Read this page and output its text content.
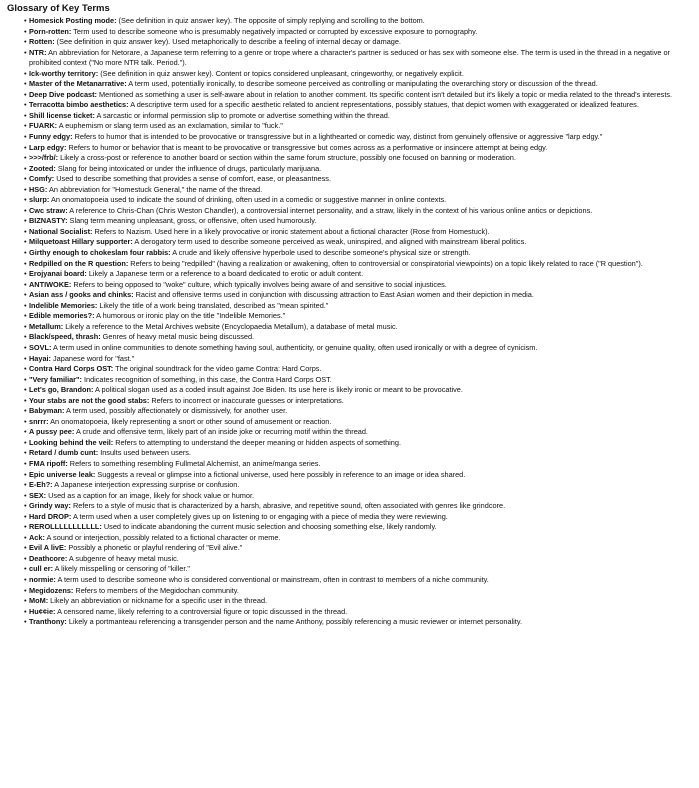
Glossary of Key Terms
• Homesick Posting mode: (See definition in quiz answer key). The opposite of simply replying and scrolling to the bottom.
• Porn-rotten: Term used to describe someone who is presumably negatively impacted or corrupted by excessive exposure to pornography.
• Rotten: (See definition in quiz answer key). Used metaphorically to describe a feeling of internal decay or damage.
• NTR: An abbreviation for Netorare, a Japanese term referring to a genre or trope where a character's partner is seduced or has sex with someone else. The term is used in the thread in a negative or prohibited context ("No more NTR talk. Period.").
• Ick-worthy territory: (See definition in quiz answer key). Content or topics considered unpleasant, cringeworthy, or negatively explicit.
• Master of the Metanarrative: A term used, potentially ironically, to describe someone perceived as controlling or manipulating the overarching story or discussion of the thread.
• Deep Dive podcast: Mentioned as something a user is self-aware about in relation to another comment. Its specific content isn't detailed but it's likely a topic or media related to the thread's interests.
• Terracotta bimbo aesthetics: A descriptive term used for a specific aesthetic related to ancient representations, possibly statues, that depict women with exaggerated or idealized features.
• Shill license ticket: A sarcastic or informal permission slip to promote or advertise something within the thread.
• FUARK: A euphemism or slang term used as an exclamation, similar to "fuck."
• Funny edgy: Refers to humor that is intended to be provocative or transgressive but in a lighthearted or comedic way, distinct from genuinely offensive or aggressive "larp edgy."
• Larp edgy: Refers to humor or behavior that is meant to be provocative or transgressive but comes across as a performative or insincere attempt at being edgy.
• >>>/frb/: Likely a cross-post or reference to another board or section within the same forum structure, possibly one focused on banning or moderation.
• Zooted: Slang for being intoxicated or under the influence of drugs, particularly marijuana.
• Comfy: Used to describe something that provides a sense of comfort, ease, or pleasantness.
• HSG: An abbreviation for "Homestuck General," the name of the thread.
• slurp: An onomatopoeia used to indicate the sound of drinking, often used in a comedic or suggestive manner in online contexts.
• Cwc straw: A reference to Chris-Chan (Chris Weston Chandler), a controversial internet personality, and a straw, likely in the context of his various online antics or depictions.
• BIZNASTY: Slang term meaning unpleasant, gross, or offensive, often used humorously.
• National Socialist: Refers to Nazism. Used here in a likely provocative or ironic statement about a fictional character (Rose from Homestuck).
• Milquetoast Hillary supporter: A derogatory term used to describe someone perceived as weak, uninspired, and aligned with mainstream liberal politics.
• Girthy enough to chokeslam four rabbis: A crude and likely offensive hyperbole used to describe someone's physical size or strength.
• Redpilled on the R question: Refers to being "redpilled" (having a realization or awakening, often to controversial or conspiratorial viewpoints) on a topic likely related to race ("R question").
• Erojyanai board: Likely a Japanese term or a reference to a board dedicated to erotic or adult content.
• ANTIWOKE: Refers to being opposed to "woke" culture, which typically involves being aware of and sensitive to social injustices.
• Asian ass / gooks and chinks: Racist and offensive terms used in conjunction with discussing attraction to East Asian women and their depiction in media.
• Indelible Memories: Likely the title of a work being translated, described as "mean spirited."
• Edible memories?: A humorous or ironic play on the title "Indelible Memories."
• Metallum: Likely a reference to the Metal Archives website (Encyclopaedia Metallum), a database of metal music.
• Black/speed, thrash: Genres of heavy metal music being discussed.
• SOVL: A term used in online communities to denote something having soul, authenticity, or genuine quality, often used ironically or with a degree of cynicism.
• Hayai: Japanese word for "fast."
• Contra Hard Corps OST: The original soundtrack for the video game Contra: Hard Corps.
• "Very familiar": Indicates recognition of something, in this case, the Contra Hard Corps OST.
• Let's go, Brandon: A political slogan used as a coded insult against Joe Biden. Its use here is likely ironic or meant to be provocative.
• Your stabs are not the good stabs: Refers to incorrect or inaccurate guesses or interpretations.
• Babyman: A term used, possibly affectionately or dismissively, for another user.
• snrrr: An onomatopoeia, likely representing a snort or other sound of amusement or reaction.
• A pussy pee: A crude and offensive term, likely part of an inside joke or recurring motif within the thread.
• Looking behind the veil: Refers to attempting to understand the deeper meaning or hidden aspects of something.
• Retard / dumb cunt: Insults used between users.
• FMA ripoff: Refers to something resembling Fullmetal Alchemist, an anime/manga series.
• Epic universe leak: Suggests a reveal or glimpse into a fictional universe, used here possibly in reference to an image or idea shared.
• E-Eh?: A Japanese interjection expressing surprise or confusion.
• SEX: Used as a caption for an image, likely for shock value or humor.
• Grindy way: Refers to a style of music that is characterized by a harsh, abrasive, and repetitive sound, often associated with genres like grindcore.
• Hard DROP: A term used when a user completely gives up on listening to or engaging with a piece of media they were reviewing.
• REROLLLLLLLLLLL: Used to indicate abandoning the current music selection and choosing something else, likely randomly.
• Ack: A sound or interjection, possibly related to a fictional character or meme.
• Evil A livE: Possibly a phonetic or playful rendering of "Evil alive."
• Deathcore: A subgenre of heavy metal music.
• cull er: A likely misspelling or censoring of "killer."
• normie: A term used to describe someone who is considered conventional or mainstream, often in contrast to members of a niche community.
• Megidozens: Refers to members of the Megidochan community.
• MoM: Likely an abbreviation or nickname for a specific user in the thread.
• Hu¢¢ie: A censored name, likely referring to a controversial figure or topic discussed in the thread.
• Tranthony: Likely a portmanteau referencing a transgender person and the name Anthony, possibly referencing a music reviewer or internet personality.
